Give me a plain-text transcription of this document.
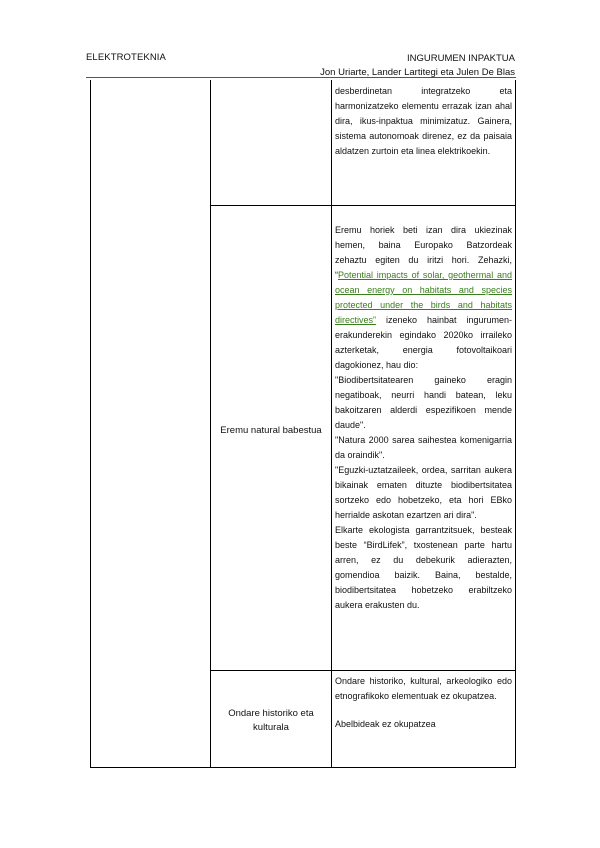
ELEKTROTEKNIA	INGURUMEN INPAKTUA
Jon Uriarte, Lander Lartitegi eta Julen De Blas

desberdinetan integratzeko eta harmonizatzeko elementu errazak izan ahal dira, ikus-inpaktua minimizatuz. Gainera, sistema autonomoak direnez, ez da paisaia aldatzen zurtoin eta linea elektrikoekin.

Eremu natural babestua

Eremu horiek beti izan dira ukiezinak hemen, baina Europako Batzordeak zehaztu egiten du iritzi hori. Zehazki, “Potential impacts of solar, geothermal and ocean energy on habitats and species protected under the birds and habitats directives” izeneko hainbat ingurumen-erakunderekin egindako 2020ko irraileko azterketak, energia fotovoltaikoari dagokionez, hau dio:

"Biodibertsitatearen gaineko eragin negatiboak, neurri handi batean, leku bakoitzaren alderdi espezifikoen mende daude".

"Natura 2000 sarea saihestea komenigarria da oraindik".

"Eguzki-uztatzaileek, ordea, sarritan aukera bikainak ematen dituzte biodibertsitatea sortzeko edo hobetzeko, eta hori EBko herrialde askotan ezartzen ari dira".

Elkarte ekologista garrantzitsuek, besteak beste “BirdLifek”, txostenean parte hartu arren, ez du debekurik adierazten, gomendioa baizik. Baina, bestalde, biodibertsitatea hobetzeko erabiltzeko aukera erakusten du.

Ondare historiko eta kulturala

Ondare historiko, kultural, arkeologiko edo etnografikoko elementuak ez okupatzea.

Abelbideak ez okupatzea
